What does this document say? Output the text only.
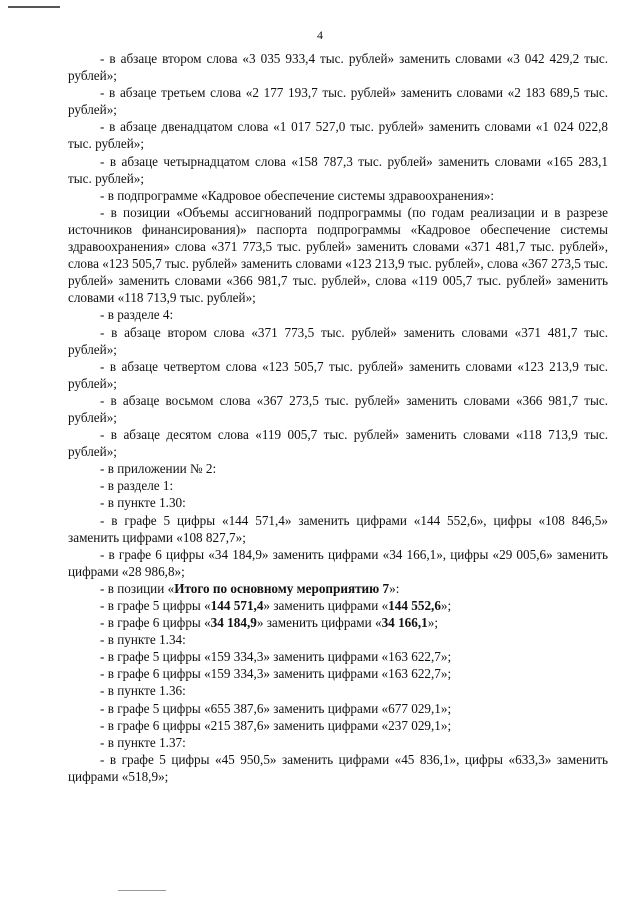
4

- в абзаце втором слова «3 035 933,4 тыс. рублей» заменить словами «3 042 429,2 тыс. рублей»;

- в абзаце третьем слова «2 177 193,7 тыс. рублей» заменить словами «2 183 689,5 тыс. рублей»;

- в абзаце двенадцатом слова «1 017 527,0 тыс. рублей» заменить словами «1 024 022,8 тыс. рублей»;

- в абзаце четырнадцатом слова «158 787,3 тыс. рублей» заменить словами «165 283,1 тыс. рублей»;

- в подпрограмме «Кадровое обеспечение системы здравоохранения»:

- в позиции «Объемы ассигнований подпрограммы (по годам реализации и в разрезе источников финансирования)» паспорта подпрограммы «Кадровое обеспечение системы здравоохранения» слова «371 773,5 тыс. рублей» заменить словами «371 481,7 тыс. рублей», слова «123 505,7 тыс. рублей» заменить словами «123 213,9 тыс. рублей», слова «367 273,5 тыс. рублей» заменить словами «366 981,7 тыс. рублей», слова «119 005,7 тыс. рублей» заменить словами «118 713,9 тыс. рублей»;

- в разделе 4:

- в абзаце втором слова «371 773,5 тыс. рублей» заменить словами «371 481,7 тыс. рублей»;

- в абзаце четвертом слова «123 505,7 тыс. рублей» заменить словами «123 213,9 тыс. рублей»;

- в абзаце восьмом слова «367 273,5 тыс. рублей» заменить словами «366 981,7 тыс. рублей»;

- в абзаце десятом слова «119 005,7 тыс. рублей» заменить словами «118 713,9 тыс. рублей»;

- в приложении № 2:

- в разделе 1:

- в пункте 1.30:

- в графе 5 цифры «144 571,4» заменить цифрами «144 552,6», цифры «108 846,5» заменить цифрами «108 827,7»;

- в графе 6 цифры «34 184,9» заменить цифрами «34 166,1», цифры «29 005,6» заменить цифрами «28 986,8»;

- в позиции «Итого по основному мероприятию 7»:

- в графе 5 цифры «144 571,4» заменить цифрами «144 552,6»;

- в графе 6 цифры «34 184,9» заменить цифрами «34 166,1»;

- в пункте 1.34:

- в графе 5 цифры «159 334,3» заменить цифрами «163 622,7»;

- в графе 6 цифры «159 334,3» заменить цифрами «163 622,7»;

- в пункте 1.36:

- в графе 5 цифры «655 387,6» заменить цифрами «677 029,1»;

- в графе 6 цифры «215 387,6» заменить цифрами «237 029,1»;

- в пункте 1.37:

- в графе 5 цифры «45 950,5» заменить цифрами «45 836,1», цифры «633,3» заменить цифрами «518,9»;
